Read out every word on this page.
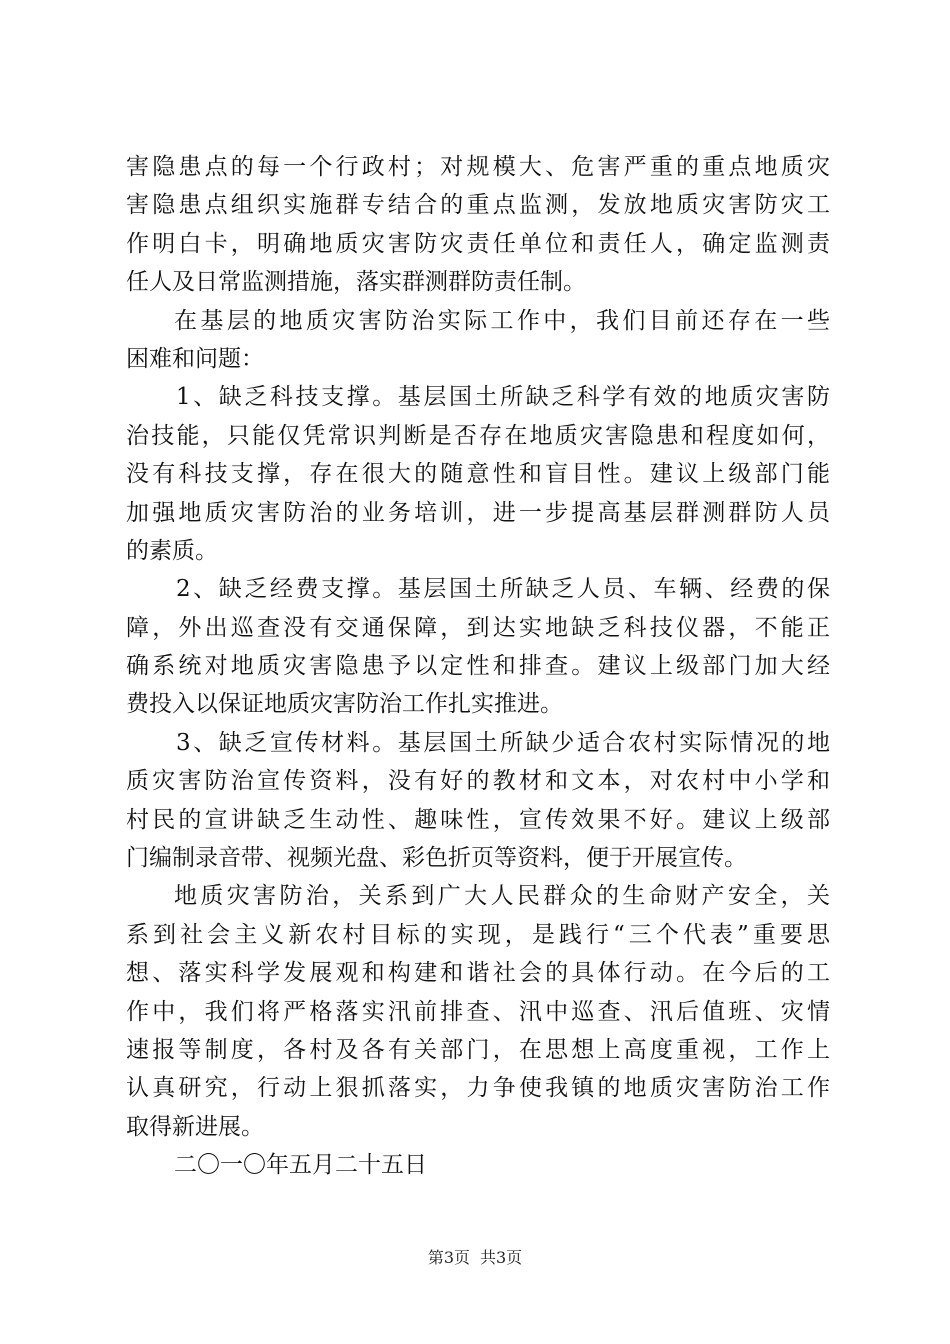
害隐患点的每一个行政村；对规模大、危害严重的重点地质灾
害隐患点组织实施群专结合的重点监测，发放地质灾害防灾工
作明白卡，明确地质灾害防灾责任单位和责任人，确定监测责
任人及日常监测措施，落实群测群防责任制。
在基层的地质灾害防治实际工作中，我们目前还存在一些
困难和问题：
1、缺乏科技支撑。基层国土所缺乏科学有效的地质灾害防
治技能，只能仅凭常识判断是否存在地质灾害隐患和程度如何，
没有科技支撑，存在很大的随意性和盲目性。建议上级部门能
加强地质灾害防治的业务培训，进一步提高基层群测群防人员
的素质。
2、缺乏经费支撑。基层国土所缺乏人员、车辆、经费的保
障，外出巡查没有交通保障，到达实地缺乏科技仪器，不能正
确系统对地质灾害隐患予以定性和排查。建议上级部门加大经
费投入以保证地质灾害防治工作扎实推进。
3、缺乏宣传材料。基层国土所缺少适合农村实际情况的地
质灾害防治宣传资料，没有好的教材和文本，对农村中小学和
村民的宣讲缺乏生动性、趣味性，宣传效果不好。建议上级部
门编制录音带、视频光盘、彩色折页等资料，便于开展宣传。
地质灾害防治，关系到广大人民群众的生命财产安全，关
系到社会主义新农村目标的实现，是践行“三个代表”重要思
想、落实科学发展观和构建和谐社会的具体行动。在今后的工
作中，我们将严格落实汛前排查、汛中巡查、汛后值班、灾情
速报等制度，各村及各有关部门，在思想上高度重视，工作上
认真研究，行动上狠抓落实，力争使我镇的地质灾害防治工作
取得新进展。
二〇一〇年五月二十五日
第3页 共3页
